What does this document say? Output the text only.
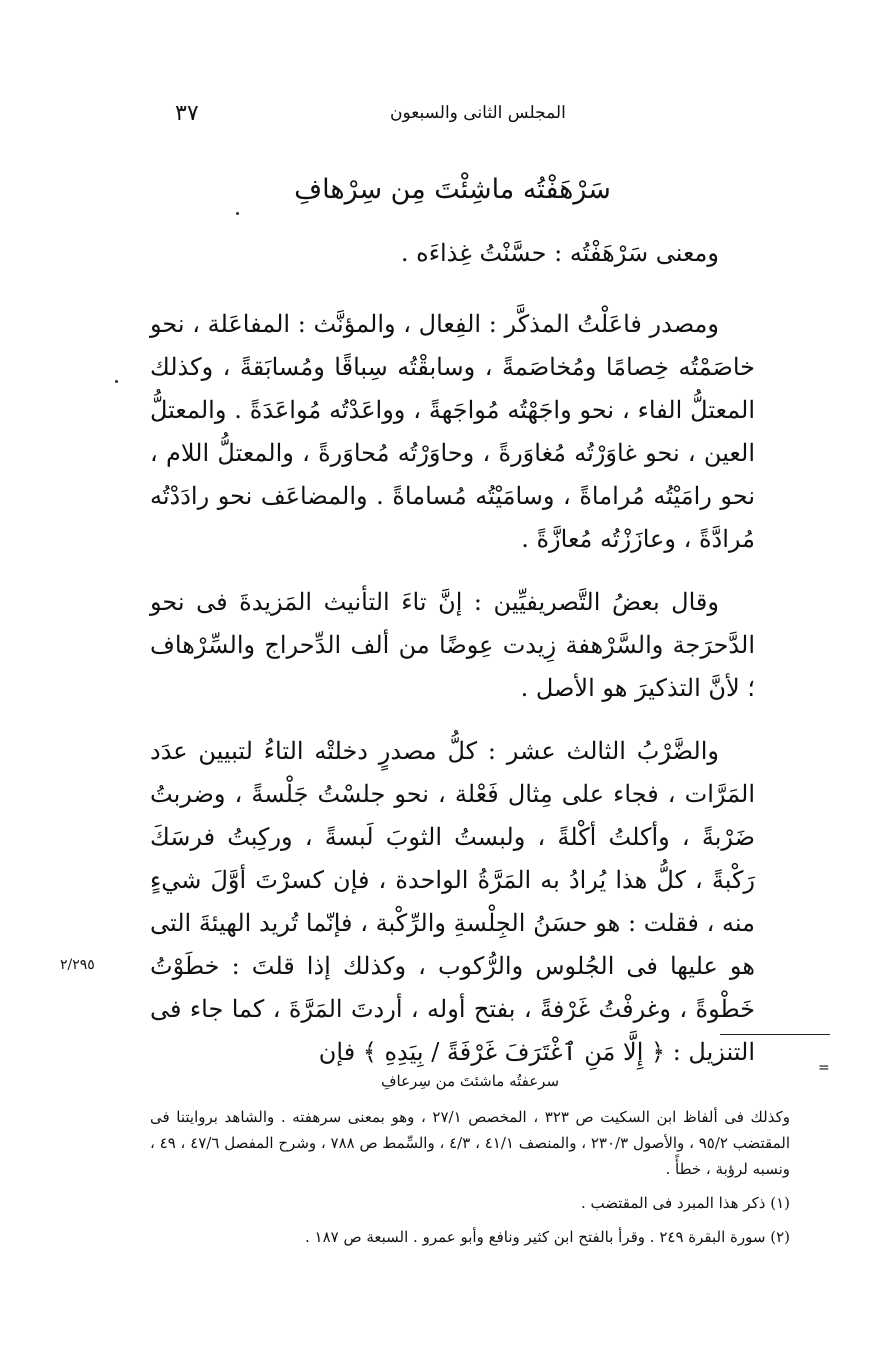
٣٧	المجلس الثانى والسبعون

سَرْهَفْتُه ماشِئْتَ مِن سِرْهافِ

ومعنى سَرْهَفْتُه : حسَّنْتُ غِذاءَه .

ومصدر فاعَلْتُ المذكَّر : الفِعال ، والمؤنَّث : المفاعَلة ، نحو خاصَمْتُه خِصامًا ومُخاصَمةً ، وسابقْتُه سِباقًا ومُسابَقةً ، وكذلك المعتلُّ الفاء ، نحو واجَهْتُه مُواجَهةً ، وواعَدْتُه مُواعَدَةً . والمعتلُّ العين ، نحو غاوَرْتُه مُغاوَرةً ، وحاوَرْتُه مُحاوَرةً ، والمعتلُّ اللام ، نحو رامَيْتُه مُراماةً ، وسامَيْتُه مُساماةً . والمضاعَف نحو رادَدْتُه مُرادَّةً ، وعازَزْتُه مُعازَّةً .

وقال بعضُ التَّصريفيِّين : إنَّ تاءَ التأنيث المَزيدةَ فى نحو الدَّحرَجة والسَّرْهفة زِيدت عِوضًا من ألف الدِّحراج والسِّرْهاف ؛ لأنَّ التذكيرَ هو الأصل .

والضَّرْبُ الثالث عشر : كلُّ مصدرٍ دخلتْه التاءُ لتبيين عدَد المَرَّات ، فجاء على مِثال فَعْلة ، نحو جلسْتُ جَلْسةً ، وضربتُ ضَرْبةً ، وأكلتُ أكْلةً ، ولبستُ الثوبَ لَبسةً ، وركِبتُ فرسَكَ رَكْبةً ، كلُّ هذا يُرادُ به المَرَّةُ الواحدة ، فإن كسرْتَ أوَّلَ شيءٍ منه ، فقلت : هو حسَنُ الجِلْسةِ والرِّكْبة ، فإنّما تُريد الهيئةَ التى هو عليها فى الجُلوس والرُّكوب ، وكذلك إذا قلتَ : خطَوْتُ خَطْوةً ، وغرفْتُ غَرْفةً ، بفتح أوله ، أردتَ المَرَّةَ ، كما جاء فى التنزيل : ﴿ إِلَّا مَنِ ٱغْتَرَفَ غَرْفَةً / بِيَدِهِ ﴾ فإن

٢/٢٩٥
=
سرعفتُه ماشئتَ من سِرعافِ
وكذلك فى ألفاظ ابن السكيت ص ٣٢٣ ، المخصص ٢٧/١ ، وهو بمعنى سرهفته . والشاهد بروايتنا فى المقتضب ٩٥/٢ ، والأصول ٢٣٠/٣ ، والمنصف ٤١/١ ، ٤/٣ ، والسِّمط ص ٧٨٨ ، وشرح المفصل ٤٧/٦ ، ٤٩ ، ونسبه لرؤبة ، خطأً .
(١) ذكر هذا المبرد فى المقتضب .
(٢) سورة البقرة ٢٤٩ . وقرأ بالفتح ابن كثير ونافع وأبو عمرو . السبعة ص ١٨٧ .
